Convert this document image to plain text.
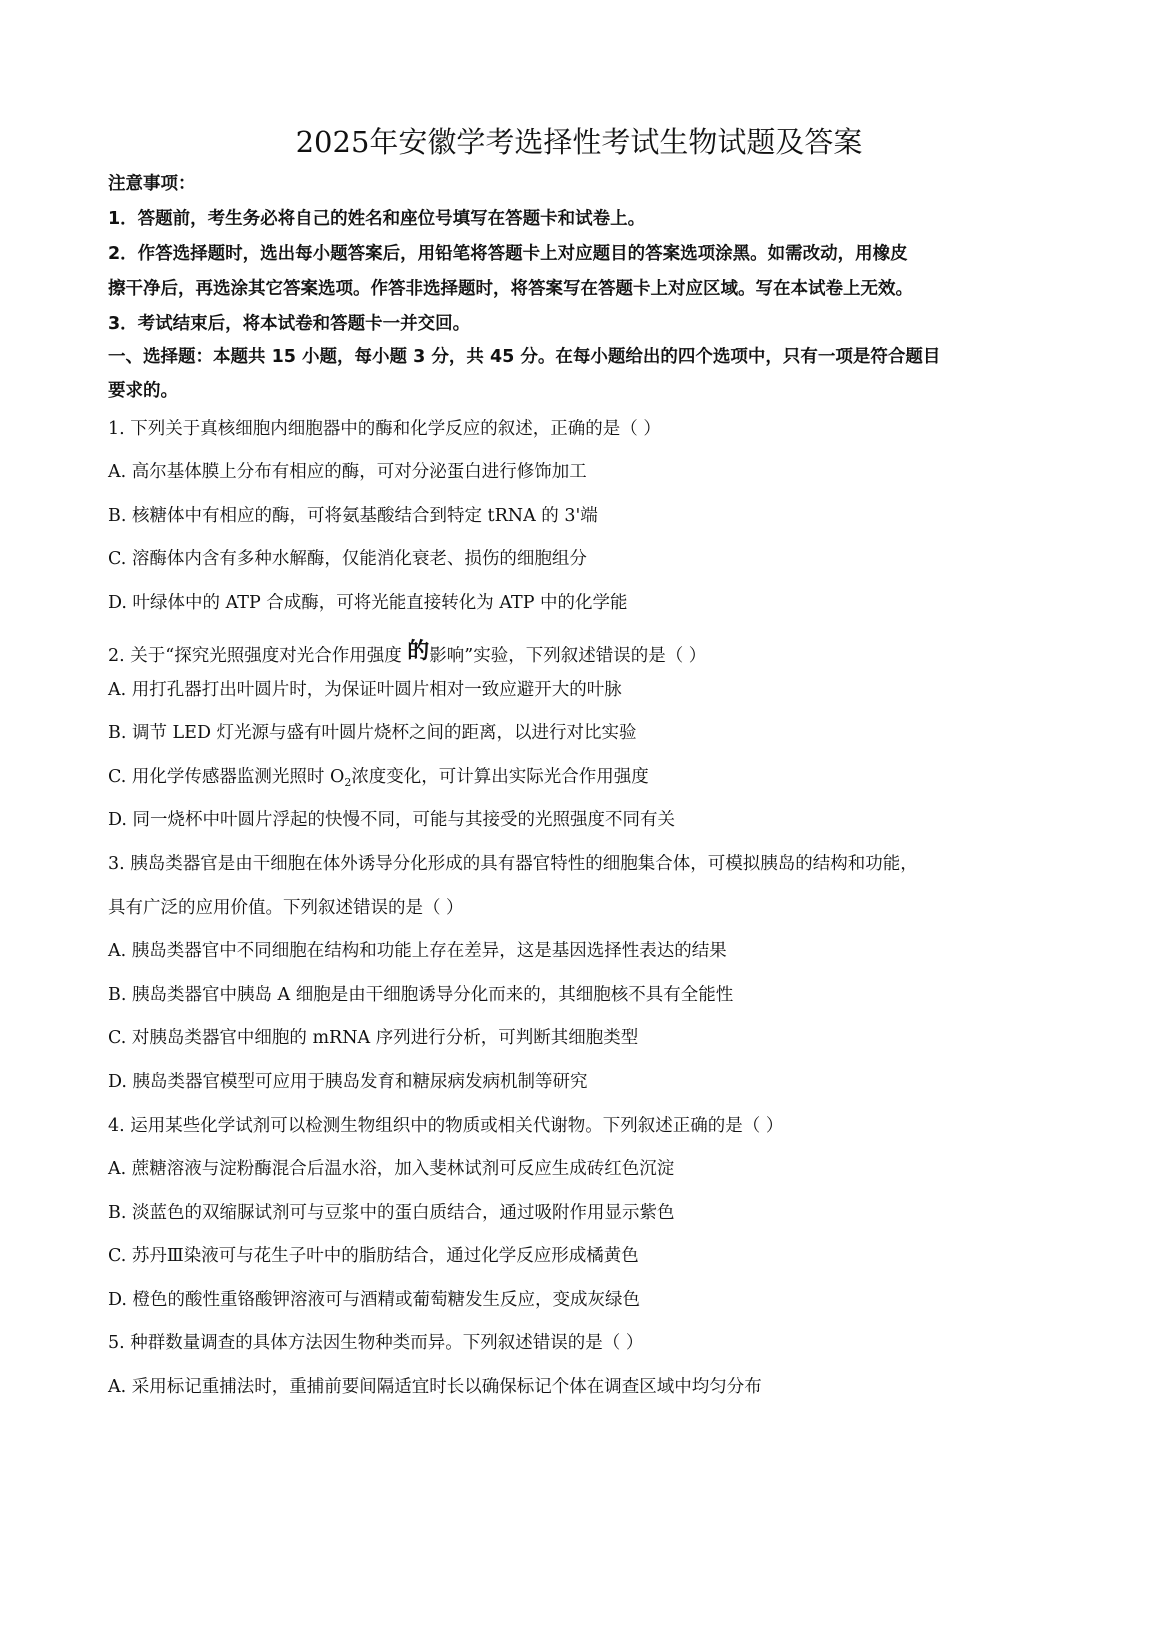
2025年安徽学考选择性考试生物试题及答案
注意事项：
1．答题前，考生务必将自己的姓名和座位号填写在答题卡和试卷上。
2．作答选择题时，选出每小题答案后，用铅笔将答题卡上对应题目的答案选项涂黑。如需改动，用橡皮
擦干净后，再选涂其它答案选项。作答非选择题时，将答案写在答题卡上对应区域。写在本试卷上无效。
3．考试结束后，将本试卷和答题卡一并交回。
一、选择题：本题共 15 小题，每小题 3 分，共 45 分。在每小题给出的四个选项中，只有一项是符合题目
要求的。
1. 下列关于真核细胞内细胞器中的酶和化学反应的叙述，正确的是（ ）
A. 高尔基体膜上分布有相应的酶，可对分泌蛋白进行修饰加工
B. 核糖体中有相应的酶，可将氨基酸结合到特定 tRNA 的 3'端
C. 溶酶体内含有多种水解酶，仅能消化衰老、损伤的细胞组分
D. 叶绿体中的 ATP 合成酶，可将光能直接转化为 ATP 中的化学能
2. 关于“探究光照强度对光合作用强度 的影响”实验，下列叙述错误的是（ ）
A. 用打孔器打出叶圆片时，为保证叶圆片相对一致应避开大的叶脉
B. 调节 LED 灯光源与盛有叶圆片烧杯之间的距离，以进行对比实验
C. 用化学传感器监测光照时 $O_2$浓度变化，可计算出实际光合作用强度
D. 同一烧杯中叶圆片浮起的快慢不同，可能与其接受的光照强度不同有关
3. 胰岛类器官是由干细胞在体外诱导分化形成的具有器官特性的细胞集合体，可模拟胰岛的结构和功能，
具有广泛的应用价值。下列叙述错误的是（ ）
A. 胰岛类器官中不同细胞在结构和功能上存在差异，这是基因选择性表达的结果
B. 胰岛类器官中胰岛 A 细胞是由干细胞诱导分化而来的，其细胞核不具有全能性
C. 对胰岛类器官中细胞的 mRNA 序列进行分析，可判断其细胞类型
D. 胰岛类器官模型可应用于胰岛发育和糖尿病发病机制等研究
4. 运用某些化学试剂可以检测生物组织中的物质或相关代谢物。下列叙述正确的是（ ）
A. 蔗糖溶液与淀粉酶混合后温水浴，加入斐林试剂可反应生成砖红色沉淀
B. 淡蓝色的双缩脲试剂可与豆浆中的蛋白质结合，通过吸附作用显示紫色
C. 苏丹Ⅲ染液可与花生子叶中的脂肪结合，通过化学反应形成橘黄色
D. 橙色的酸性重铬酸钾溶液可与酒精或葡萄糖发生反应，变成灰绿色
5. 种群数量调查的具体方法因生物种类而异。下列叙述错误的是（ ）
A. 采用标记重捕法时，重捕前要间隔适宜时长以确保标记个体在调查区域中均匀分布
